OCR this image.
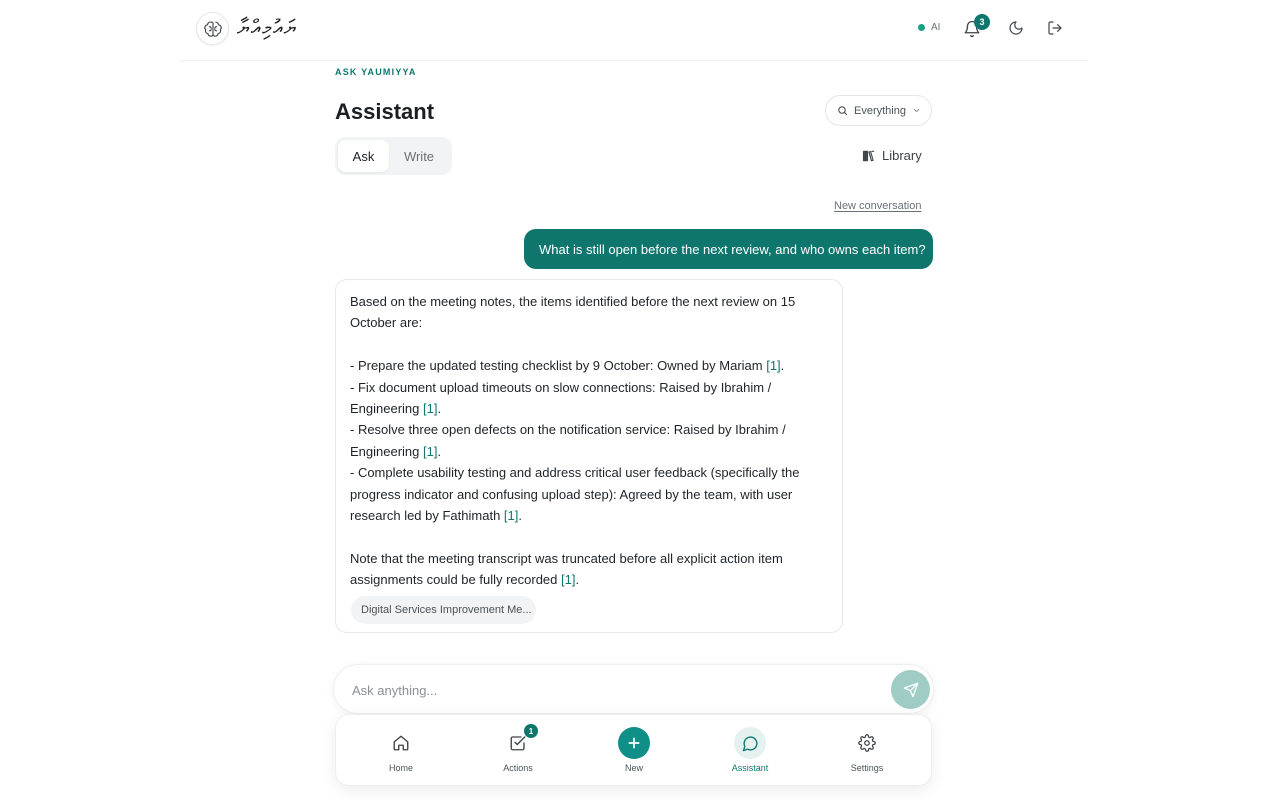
ޔައުމިއްޔާ	AI	3
ASK YAUMIYYA
Assistant	Everything
Ask	Write	Library
New conversation
What is still open before the next review, and who owns each item?
Based on the meeting notes, the items identified before the next review on 15 October are:

- Prepare the updated testing checklist by 9 October: Owned by Mariam [1].
- Fix document upload timeouts on slow connections: Raised by Ibrahim / Engineering [1].
- Resolve three open defects on the notification service: Raised by Ibrahim / Engineering [1].
- Complete usability testing and address critical user feedback (specifically the progress indicator and confusing upload step): Agreed by the team, with user research led by Fathimath [1].

Note that the meeting transcript was truncated before all explicit action item assignments could be fully recorded [1].
Digital Services Improvement Me...
Ask anything...
Home
1
Actions	New	Assistant	Settings
